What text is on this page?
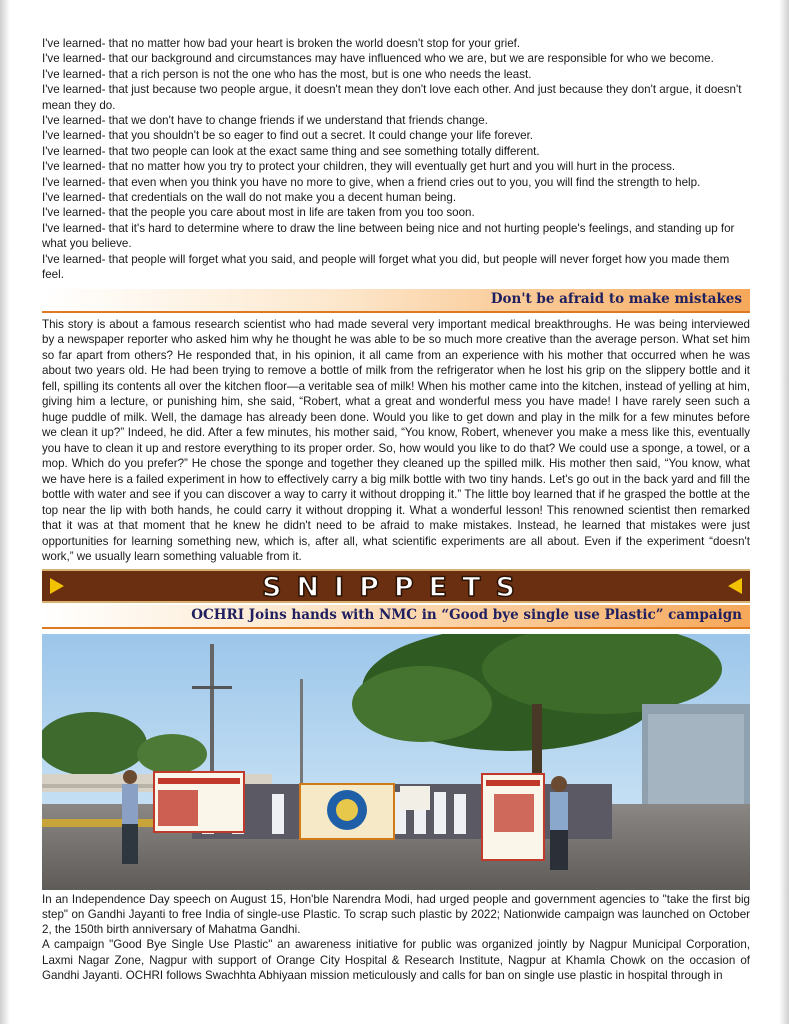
I've learned- that no matter how bad your heart is broken the world doesn't stop for your grief.
I've learned- that our background and circumstances may have influenced who we are, but we are responsible for who we become.
I've learned- that a rich person is not the one who has the most, but is one who needs the least.
I've learned- that just because two people argue, it doesn't mean they don't love each other. And just because they don't argue, it doesn't mean they do.
I've learned- that we don't have to change friends if we understand that friends change.
I've learned- that you shouldn't be so eager to find out a secret. It could change your life forever.
I've learned- that two people can look at the exact same thing and see something totally different.
I've learned- that no matter how you try to protect your children, they will eventually get hurt and you will hurt in the process.
I've learned- that even when you think you have no more to give, when a friend cries out to you, you will find the strength to help.
I've learned- that credentials on the wall do not make you a decent human being.
I've learned- that the people you care about most in life are taken from you too soon.
I've learned- that it's hard to determine where to draw the line between being nice and not hurting people's feelings, and standing up for what you believe.
I've learned- that people will forget what you said, and people will forget what you did, but people will never forget how you made them feel.
Don't be afraid to make mistakes
This story is about a famous research scientist who had made several very important medical breakthroughs. He was being interviewed by a newspaper reporter who asked him why he thought he was able to be so much more creative than the average person. What set him so far apart from others? He responded that, in his opinion, it all came from an experience with his mother that occurred when he was about two years old. He had been trying to remove a bottle of milk from the refrigerator when he lost his grip on the slippery bottle and it fell, spilling its contents all over the kitchen floor—a veritable sea of milk! When his mother came into the kitchen, instead of yelling at him, giving him a lecture, or punishing him, she said, “Robert, what a great and wonderful mess you have made! I have rarely seen such a huge puddle of milk. Well, the damage has already been done. Would you like to get down and play in the milk for a few minutes before we clean it up?” Indeed, he did. After a few minutes, his mother said, “You know, Robert, whenever you make a mess like this, eventually you have to clean it up and restore everything to its proper order. So, how would you like to do that? We could use a sponge, a towel, or a mop. Which do you prefer?” He chose the sponge and together they cleaned up the spilled milk. His mother then said, “You know, what we have here is a failed experiment in how to effectively carry a big milk bottle with two tiny hands. Let's go out in the back yard and fill the bottle with water and see if you can discover a way to carry it without dropping it.” The little boy learned that if he grasped the bottle at the top near the lip with both hands, he could carry it without dropping it. What a wonderful lesson! This renowned scientist then remarked that it was at that moment that he knew he didn't need to be afraid to make mistakes. Instead, he learned that mistakes were just opportunities for learning something new, which is, after all, what scientific experiments are all about. Even if the experiment “doesn't work,” we usually learn something valuable from it.
SNIPPETS
OCHRI Joins hands with NMC in “Good bye single use Plastic” campaign
In an Independence Day speech on August 15, Hon'ble Narendra Modi, had urged people and government agencies to "take the first big step" on Gandhi Jayanti to free India of single-use Plastic. To scrap such plastic by 2022; Nationwide campaign was launched on October 2, the 150th birth anniversary of Mahatma Gandhi.
A campaign "Good Bye Single Use Plastic" an awareness initiative for public was organized jointly by Nagpur Municipal Corporation, Laxmi Nagar Zone, Nagpur with support of Orange City Hospital & Research Institute, Nagpur at Khamla Chowk on the occasion of Gandhi Jayanti. OCHRI follows Swachhta Abhiyaan mission meticulously and calls for ban on single use plastic in hospital through in
